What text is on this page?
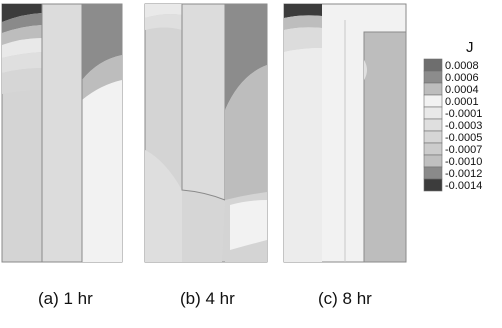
0.0008
0.0006
0.0004
0.0001
-0.0001
-0.0003
-0.0005
-0.0007
-0.0010
-0.0012
-0.0014
J
(a) 1 hr	(b) 4 hr	(c) 8 hr
